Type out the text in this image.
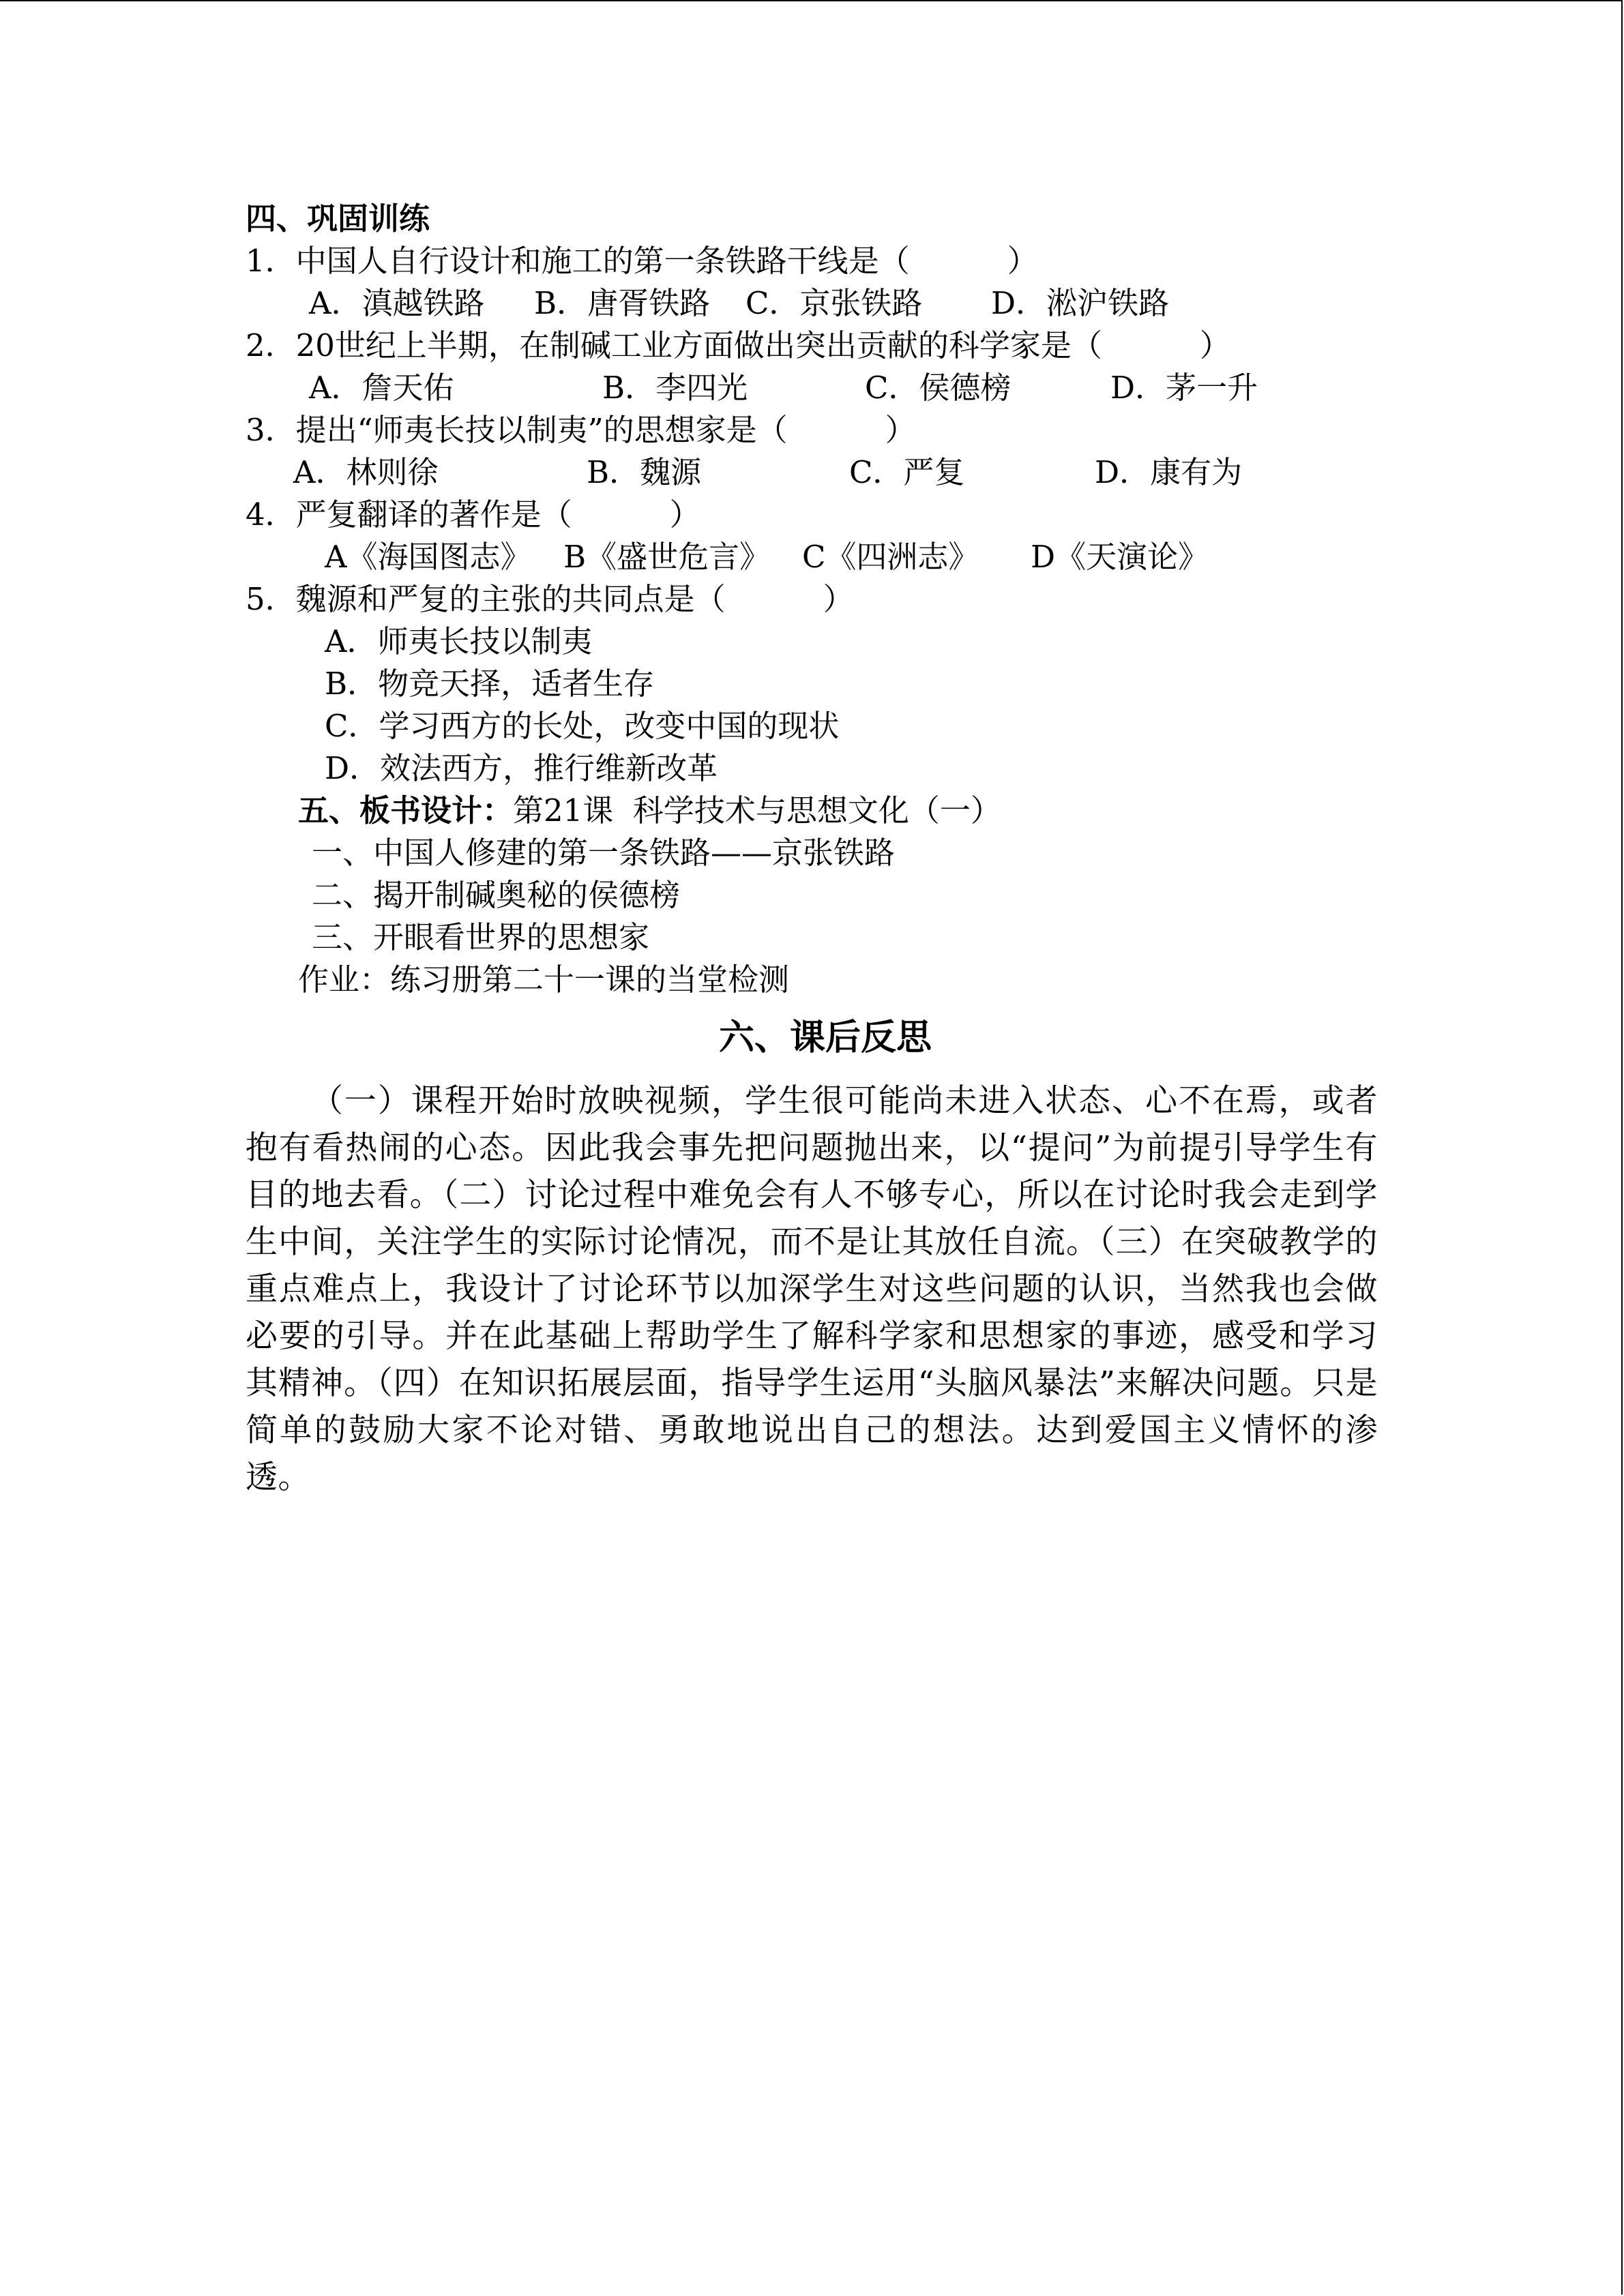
四、巩固训练
1．中国人自行设计和施工的第一条铁路干线是（          ）
A．滇越铁路	B．唐胥铁路	C．京张铁路	D．淞沪铁路
2．20世纪上半期，在制碱工业方面做出突出贡献的科学家是（          ）
A．詹天佑	B．李四光	C．侯德榜	D．茅一升
3．提出“师夷长技以制夷”的思想家是（          ）
A．林则徐	B．魏源	C．严复	D．康有为
4．严复翻译的著作是（          ）
A《海国图志》	B《盛世危言》	C《四洲志》	D《天演论》
5．魏源和严复的主张的共同点是（          ）
A．师夷长技以制夷
B．物竞天择，适者生存
C．学习西方的长处，改变中国的现状
D．效法西方，推行维新改革
五、板书设计：第21课  科学技术与思想文化（一）
一、中国人修建的第一条铁路——京张铁路
二、揭开制碱奥秘的侯德榜
三、开眼看世界的思想家
作业：练习册第二十一课的当堂检测
六、课后反思
（一）课程开始时放映视频，学生很可能尚未进入状态、心不在焉，或者抱有看热闹的心态。因此我会事先把问题抛出来，以“提问”为前提引导学生有目的地去看。（二）讨论过程中难免会有人不够专心，所以在讨论时我会走到学生中间，关注学生的实际讨论情况，而不是让其放任自流。（三）在突破教学的重点难点上，我设计了讨论环节以加深学生对这些问题的认识，当然我也会做必要的引导。并在此基础上帮助学生了解科学家和思想家的事迹，感受和学习其精神。（四）在知识拓展层面，指导学生运用“头脑风暴法”来解决问题。只是简单的鼓励大家不论对错、勇敢地说出自己的想法。达到爱国主义情怀的渗透。
